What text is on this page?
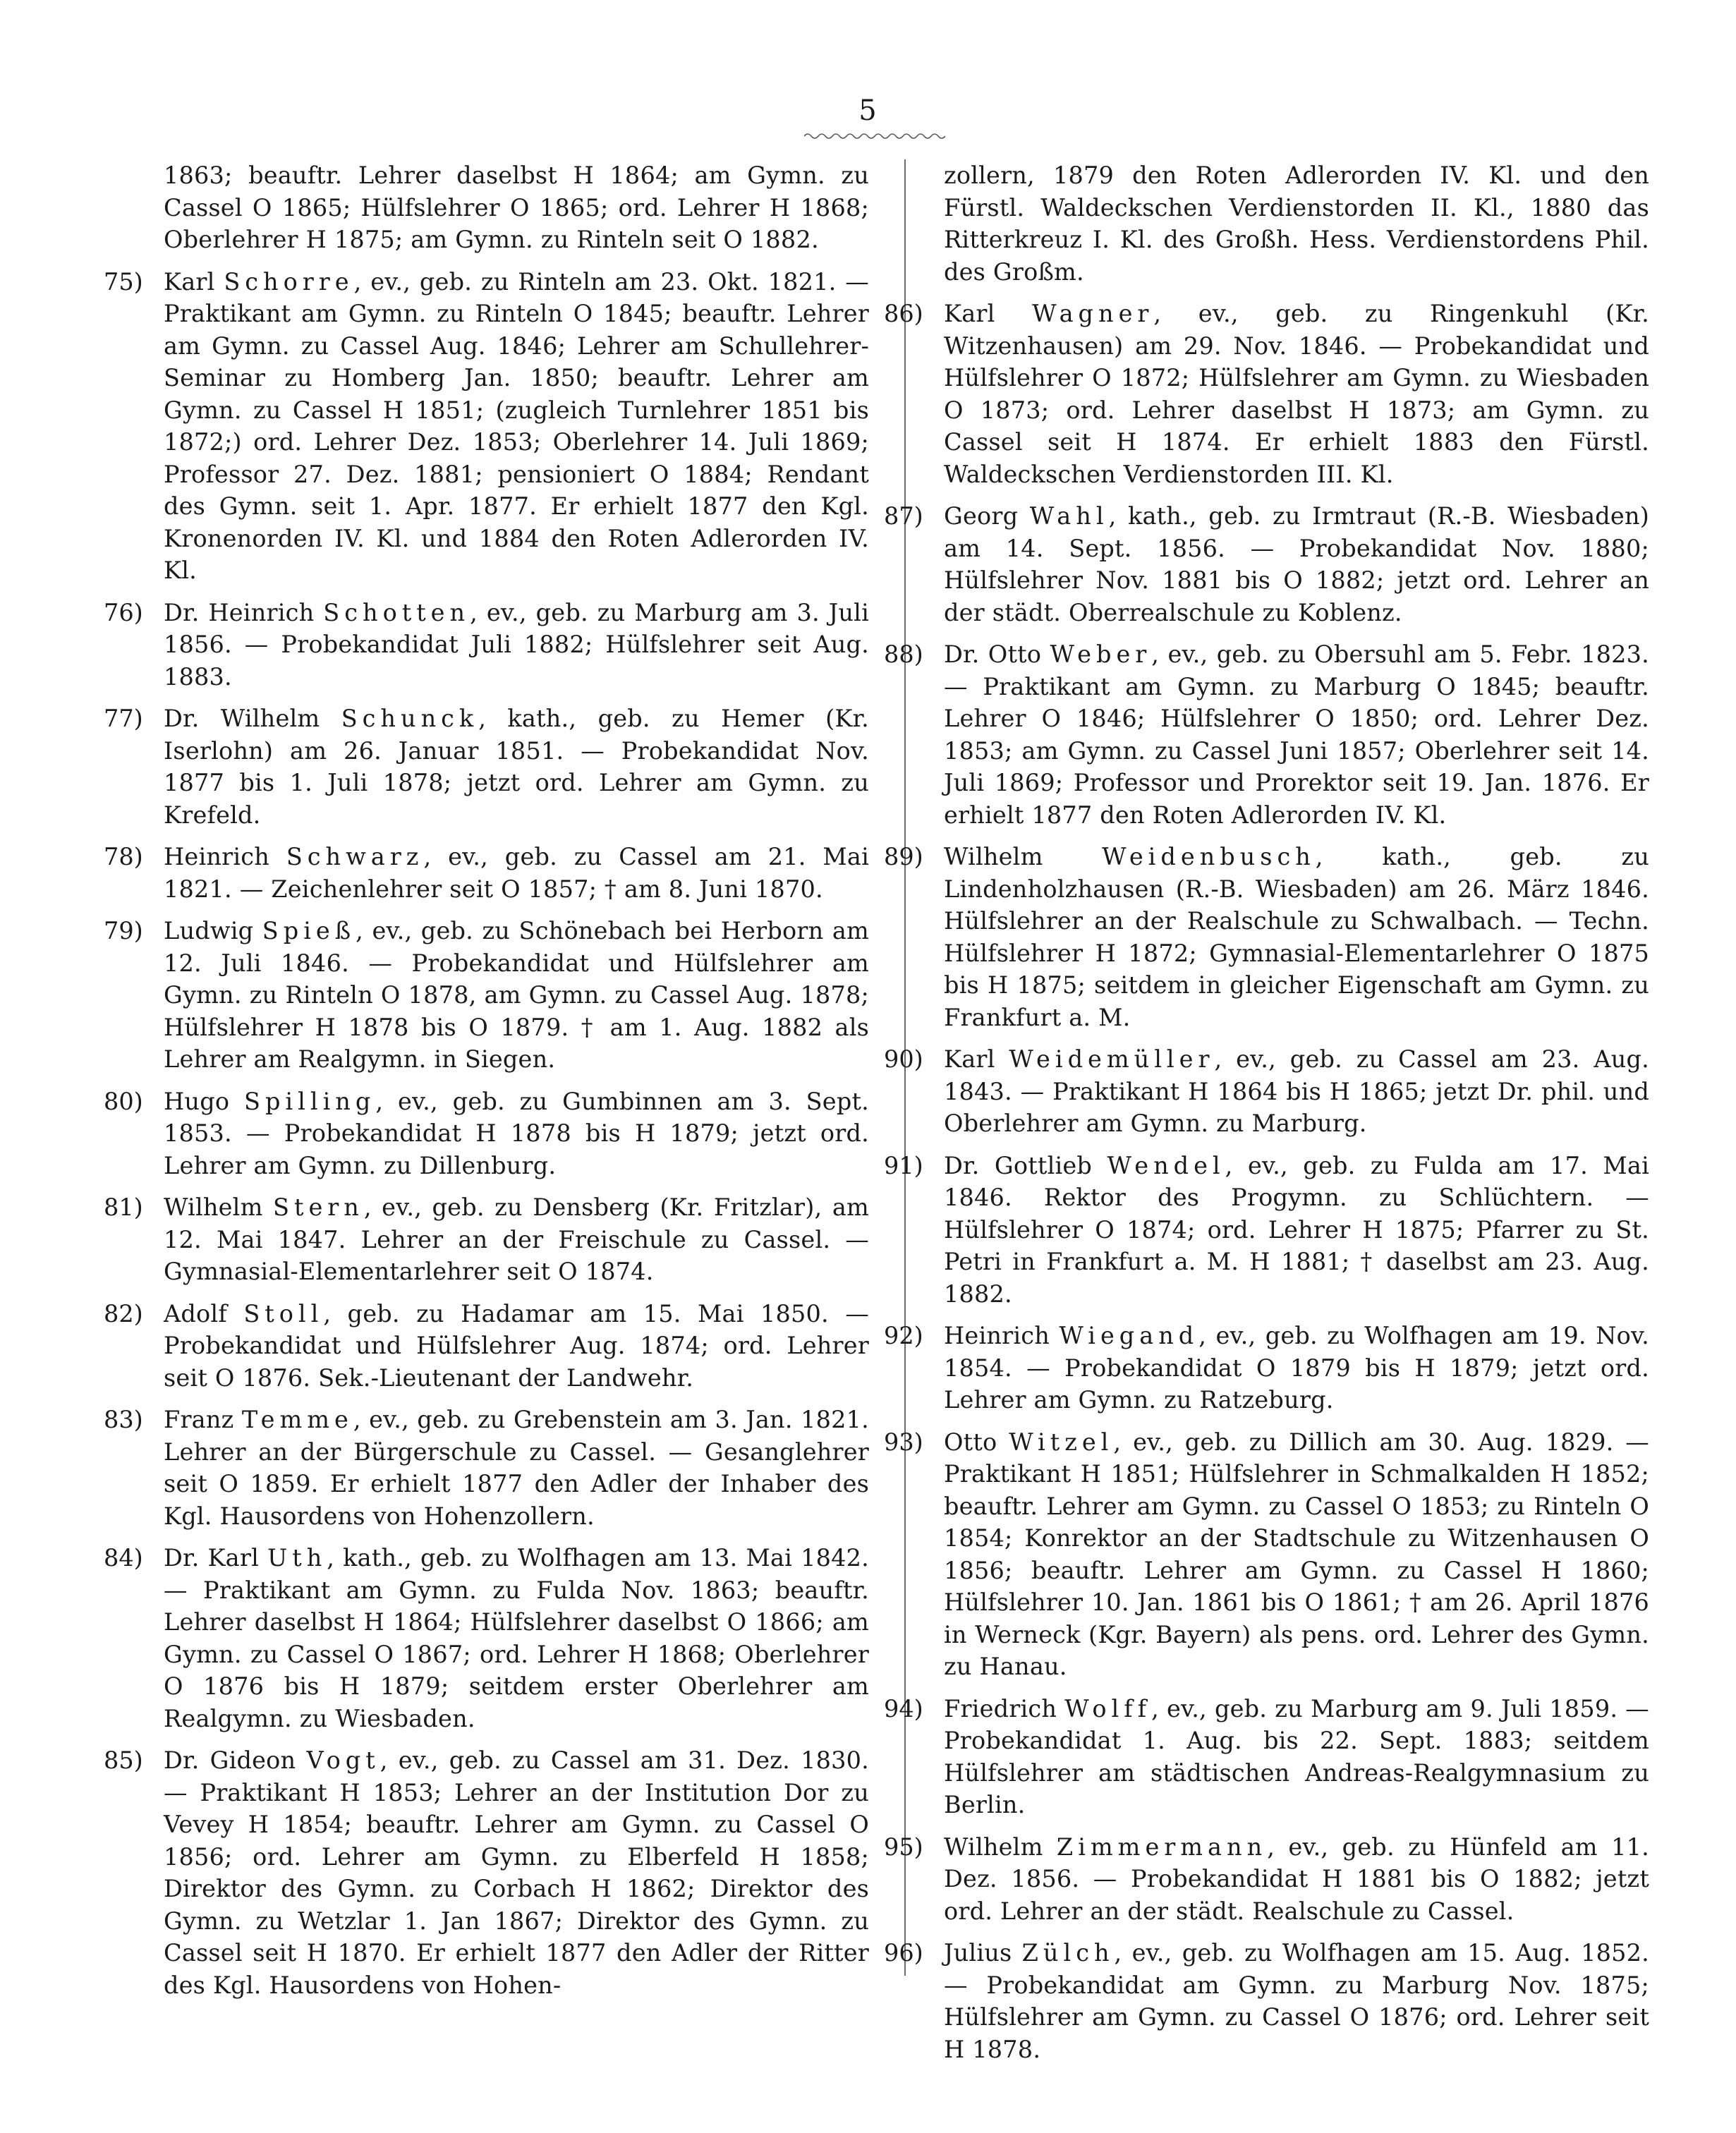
5
1863; beauftr. Lehrer daselbst H 1864; am Gymn. zu Cassel O 1865; Hülfslehrer O 1865; ord. Lehrer H 1868; Oberlehrer H 1875; am Gymn. zu Rinteln seit O 1882.
75) Karl Schorre, ev., geb. zu Rinteln am 23. Okt. 1821. — Praktikant am Gymn. zu Rinteln O 1845; beauftr. Lehrer am Gymn. zu Cassel Aug. 1846; Lehrer am Schullehrer-Seminar zu Homberg Jan. 1850; beauftr. Lehrer am Gymn. zu Cassel H 1851; (zugleich Turnlehrer 1851 bis 1872;) ord. Lehrer Dez. 1853; Oberlehrer 14. Juli 1869; Professor 27. Dez. 1881; pensioniert O 1884; Rendant des Gymn. seit 1. Apr. 1877. Er erhielt 1877 den Kgl. Kronenorden IV. Kl. und 1884 den Roten Adlerorden IV. Kl.
76) Dr. Heinrich Schotten, ev., geb. zu Marburg am 3. Juli 1856. — Probekandidat Juli 1882; Hülfslehrer seit Aug. 1883.
77) Dr. Wilhelm Schunck, kath., geb. zu Hemer (Kr. Iserlohn) am 26. Januar 1851. — Probekandidat Nov. 1877 bis 1. Juli 1878; jetzt ord. Lehrer am Gymn. zu Krefeld.
78) Heinrich Schwarz, ev., geb. zu Cassel am 21. Mai 1821. — Zeichenlehrer seit O 1857; † am 8. Juni 1870.
79) Ludwig Spieß, ev., geb. zu Schönebach bei Herborn am 12. Juli 1846. — Probekandidat und Hülfslehrer am Gymn. zu Rinteln O 1878, am Gymn. zu Cassel Aug. 1878; Hülfslehrer H 1878 bis O 1879. † am 1. Aug. 1882 als Lehrer am Realgymn. in Siegen.
80) Hugo Spilling, ev., geb. zu Gumbinnen am 3. Sept. 1853. — Probekandidat H 1878 bis H 1879; jetzt ord. Lehrer am Gymn. zu Dillenburg.
81) Wilhelm Stern, ev., geb. zu Densberg (Kr. Fritzlar), am 12. Mai 1847. Lehrer an der Freischule zu Cassel. — Gymnasial-Elementarlehrer seit O 1874.
82) Adolf Stoll, geb. zu Hadamar am 15. Mai 1850. — Probekandidat und Hülfslehrer Aug. 1874; ord. Lehrer seit O 1876. Sek.-Lieutenant der Landwehr.
83) Franz Temme, ev., geb. zu Grebenstein am 3. Jan. 1821. Lehrer an der Bürgerschule zu Cassel. — Gesanglehrer seit O 1859. Er erhielt 1877 den Adler der Inhaber des Kgl. Hausordens von Hohenzollern.
84) Dr. Karl Uth, kath., geb. zu Wolfhagen am 13. Mai 1842. — Praktikant am Gymn. zu Fulda Nov. 1863; beauftr. Lehrer daselbst H 1864; Hülfslehrer daselbst O 1866; am Gymn. zu Cassel O 1867; ord. Lehrer H 1868; Oberlehrer O 1876 bis H 1879; seitdem erster Oberlehrer am Realgymn. zu Wiesbaden.
85) Dr. Gideon Vogt, ev., geb. zu Cassel am 31. Dez. 1830. — Praktikant H 1853; Lehrer an der Institution Dor zu Vevey H 1854; beauftr. Lehrer am Gymn. zu Cassel O 1856; ord. Lehrer am Gymn. zu Elberfeld H 1858; Direktor des Gymn. zu Corbach H 1862; Direktor des Gymn. zu Wetzlar 1. Jan 1867; Direktor des Gymn. zu Cassel seit H 1870. Er erhielt 1877 den Adler der Ritter des Kgl. Hausordens von Hohen-
zollern, 1879 den Roten Adlerorden IV. Kl. und den Fürstl. Waldeckschen Verdienstorden II. Kl., 1880 das Ritterkreuz I. Kl. des Großh. Hess. Verdienstordens Phil. des Großm.
86) Karl Wagner, ev., geb. zu Ringenkuhl (Kr. Witzenhausen) am 29. Nov. 1846. — Probekandidat und Hülfslehrer O 1872; Hülfslehrer am Gymn. zu Wiesbaden O 1873; ord. Lehrer daselbst H 1873; am Gymn. zu Cassel seit H 1874. Er erhielt 1883 den Fürstl. Waldeckschen Verdienstorden III. Kl.
87) Georg Wahl, kath., geb. zu Irmtraut (R.-B. Wiesbaden) am 14. Sept. 1856. — Probekandidat Nov. 1880; Hülfslehrer Nov. 1881 bis O 1882; jetzt ord. Lehrer an der städt. Oberrealschule zu Koblenz.
88) Dr. Otto Weber, ev., geb. zu Obersuhl am 5. Febr. 1823. — Praktikant am Gymn. zu Marburg O 1845; beauftr. Lehrer O 1846; Hülfslehrer O 1850; ord. Lehrer Dez. 1853; am Gymn. zu Cassel Juni 1857; Oberlehrer seit 14. Juli 1869; Professor und Prorektor seit 19. Jan. 1876. Er erhielt 1877 den Roten Adlerorden IV. Kl.
89) Wilhelm Weidenbusch, kath., geb. zu Lindenholzhausen (R.-B. Wiesbaden) am 26. März 1846. Hülfslehrer an der Realschule zu Schwalbach. — Techn. Hülfslehrer H 1872; Gymnasial-Elementarlehrer O 1875 bis H 1875; seitdem in gleicher Eigenschaft am Gymn. zu Frankfurt a. M.
90) Karl Weidemüller, ev., geb. zu Cassel am 23. Aug. 1843. — Praktikant H 1864 bis H 1865; jetzt Dr. phil. und Oberlehrer am Gymn. zu Marburg.
91) Dr. Gottlieb Wendel, ev., geb. zu Fulda am 17. Mai 1846. Rektor des Progymn. zu Schlüchtern. — Hülfslehrer O 1874; ord. Lehrer H 1875; Pfarrer zu St. Petri in Frankfurt a. M. H 1881; † daselbst am 23. Aug. 1882.
92) Heinrich Wiegand, ev., geb. zu Wolfhagen am 19. Nov. 1854. — Probekandidat O 1879 bis H 1879; jetzt ord. Lehrer am Gymn. zu Ratzeburg.
93) Otto Witzel, ev., geb. zu Dillich am 30. Aug. 1829. — Praktikant H 1851; Hülfslehrer in Schmalkalden H 1852; beauftr. Lehrer am Gymn. zu Cassel O 1853; zu Rinteln O 1854; Konrektor an der Stadtschule zu Witzenhausen O 1856; beauftr. Lehrer am Gymn. zu Cassel H 1860; Hülfslehrer 10. Jan. 1861 bis O 1861; † am 26. April 1876 in Werneck (Kgr. Bayern) als pens. ord. Lehrer des Gymn. zu Hanau.
94) Friedrich Wolff, ev., geb. zu Marburg am 9. Juli 1859. — Probekandidat 1. Aug. bis 22. Sept. 1883; seitdem Hülfslehrer am städtischen Andreas-Realgymnasium zu Berlin.
95) Wilhelm Zimmermann, ev., geb. zu Hünfeld am 11. Dez. 1856. — Probekandidat H 1881 bis O 1882; jetzt ord. Lehrer an der städt. Realschule zu Cassel.
96) Julius Zülch, ev., geb. zu Wolfhagen am 15. Aug. 1852. — Probekandidat am Gymn. zu Marburg Nov. 1875; Hülfslehrer am Gymn. zu Cassel O 1876; ord. Lehrer seit H 1878.
